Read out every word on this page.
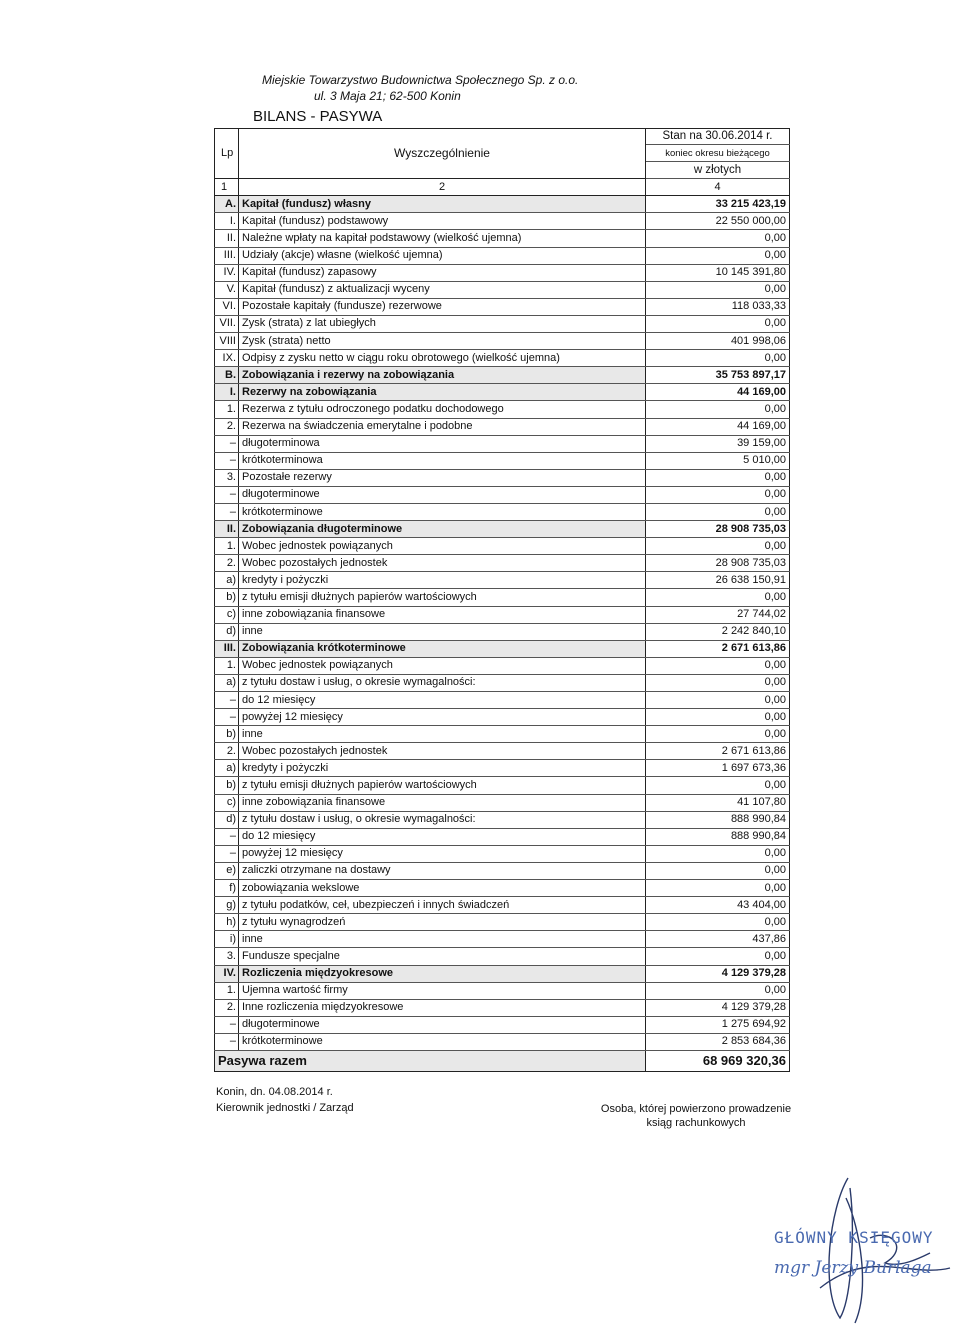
Miejskie Towarzystwo Budownictwa Społecznego Sp. z o.o.
ul. 3 Maja 21; 62-500 Konin
BILANS - PASYWA
		Stan na 30.06.2014 r.
Lp	Wyszczególnienie	koniec okresu bieżącego
		w złotych
1	2	4
A.	Kapitał (fundusz) własny	33 215 423,19
I.	Kapitał (fundusz) podstawowy	22 550 000,00
II.	Należne wpłaty na kapitał podstawowy (wielkość ujemna)	0,00
III.	Udziały (akcje) własne (wielkość ujemna)	0,00
IV.	Kapitał (fundusz) zapasowy	10 145 391,80
V.	Kapitał (fundusz) z aktualizacji wyceny	0,00
VI.	Pozostałe kapitały (fundusze) rezerwowe	118 033,33
VII.	Zysk (strata) z lat ubiegłych	0,00
VIII	Zysk (strata) netto	401 998,06
IX.	Odpisy z zysku netto w ciągu roku obrotowego (wielkość ujemna)	0,00
B.	Zobowiązania i rezerwy na zobowiązania	35 753 897,17
I.	Rezerwy na zobowiązania	44 169,00
1.	Rezerwa z tytułu odroczonego podatku dochodowego	0,00
2.	Rezerwa na świadczenia emerytalne i podobne	44 169,00
–	długoterminowa	39 159,00
–	krótkoterminowa	5 010,00
3.	Pozostałe rezerwy	0,00
–	długoterminowe	0,00
–	krótkoterminowe	0,00
II.	Zobowiązania długoterminowe	28 908 735,03
1.	Wobec jednostek powiązanych	0,00
2.	Wobec pozostałych jednostek	28 908 735,03
a)	kredyty i pożyczki	26 638 150,91
b)	z tytułu emisji dłużnych papierów wartościowych	0,00
c)	inne zobowiązania finansowe	27 744,02
d)	inne	2 242 840,10
III.	Zobowiązania krótkoterminowe	2 671 613,86
1.	Wobec jednostek powiązanych	0,00
a)	z tytułu dostaw i usług, o okresie wymagalności:	0,00
–	do 12 miesięcy	0,00
–	powyżej 12 miesięcy	0,00
b)	inne	0,00
2.	Wobec pozostałych jednostek	2 671 613,86
a)	kredyty i pożyczki	1 697 673,36
b)	z tytułu emisji dłużnych papierów wartościowych	0,00
c)	inne zobowiązania finansowe	41 107,80
d)	z tytułu dostaw i usług, o okresie wymagalności:	888 990,84
–	do 12 miesięcy	888 990,84
–	powyżej 12 miesięcy	0,00
e)	zaliczki otrzymane na dostawy	0,00
f)	zobowiązania wekslowe	0,00
g)	z tytułu podatków, ceł, ubezpieczeń i innych świadczeń	43 404,00
h)	z tytułu wynagrodzeń	0,00
i)	inne	437,86
3.	Fundusze specjalne	0,00
IV.	Rozliczenia międzyokresowe	4 129 379,28
1.	Ujemna wartość firmy	0,00
2.	Inne rozliczenia międzyokresowe	4 129 379,28
–	długoterminowe	1 275 694,92
–	krótkoterminowe	2 853 684,36
Pasywa razem		68 969 320,36
Konin, dn. 04.08.2014 r.
Kierownik jednostki / Zarząd	Osoba, której powierzono prowadzenie
ksiąg rachunkowych
GŁÓWNY KSIĘGOWY
mgr Jerzy Burlaga
